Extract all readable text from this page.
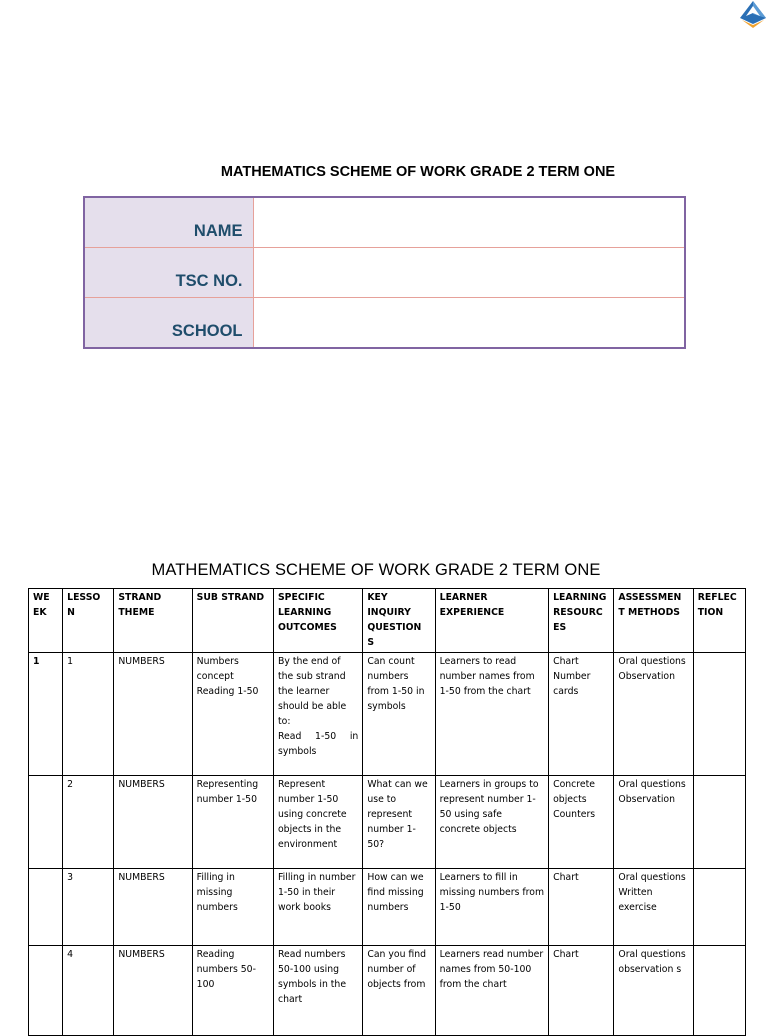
MATHEMATICS SCHEME OF WORK GRADE 2 TERM ONE
NAME	
TSC NO.	
SCHOOL	
MATHEMATICS SCHEME OF WORK GRADE 2 TERM ONE
WE EK	LESSO N	STRAND THEME	SUB STRAND	SPECIFIC LEARNING OUTCOMES	KEY INQUIRY QUESTION S	LEARNER EXPERIENCE	LEARNING RESOURC ES	ASSESSMEN T METHODS	REFLEC TION
1	1	NUMBERS	Numbers concept Reading 1-50	By the end of the sub strand the learner should be able to:
Read 1-50 in symbols	Can count numbers from 1-50 in symbols	Learners to read number names from 1-50 from the chart	Chart Number cards	Oral questions Observation	
	2	NUMBERS	Representing number 1-50	Represent number 1-50 using concrete objects in the environment	What can we use to represent number 1-50?	Learners in groups to represent number 1-50 using safe concrete objects	Concrete objects Counters	Oral questions Observation	
	3	NUMBERS	Filling in missing numbers	Filling in number 1-50 in their work books	How can we find missing numbers	Learners to fill in missing numbers from 1-50	Chart	Oral questions Written exercise	
	4	NUMBERS	Reading numbers 50-100	Read numbers 50-100 using symbols in the chart	Can you find number of objects from	Learners read number names from 50-100 from the chart	Chart	Oral questions observation s	
